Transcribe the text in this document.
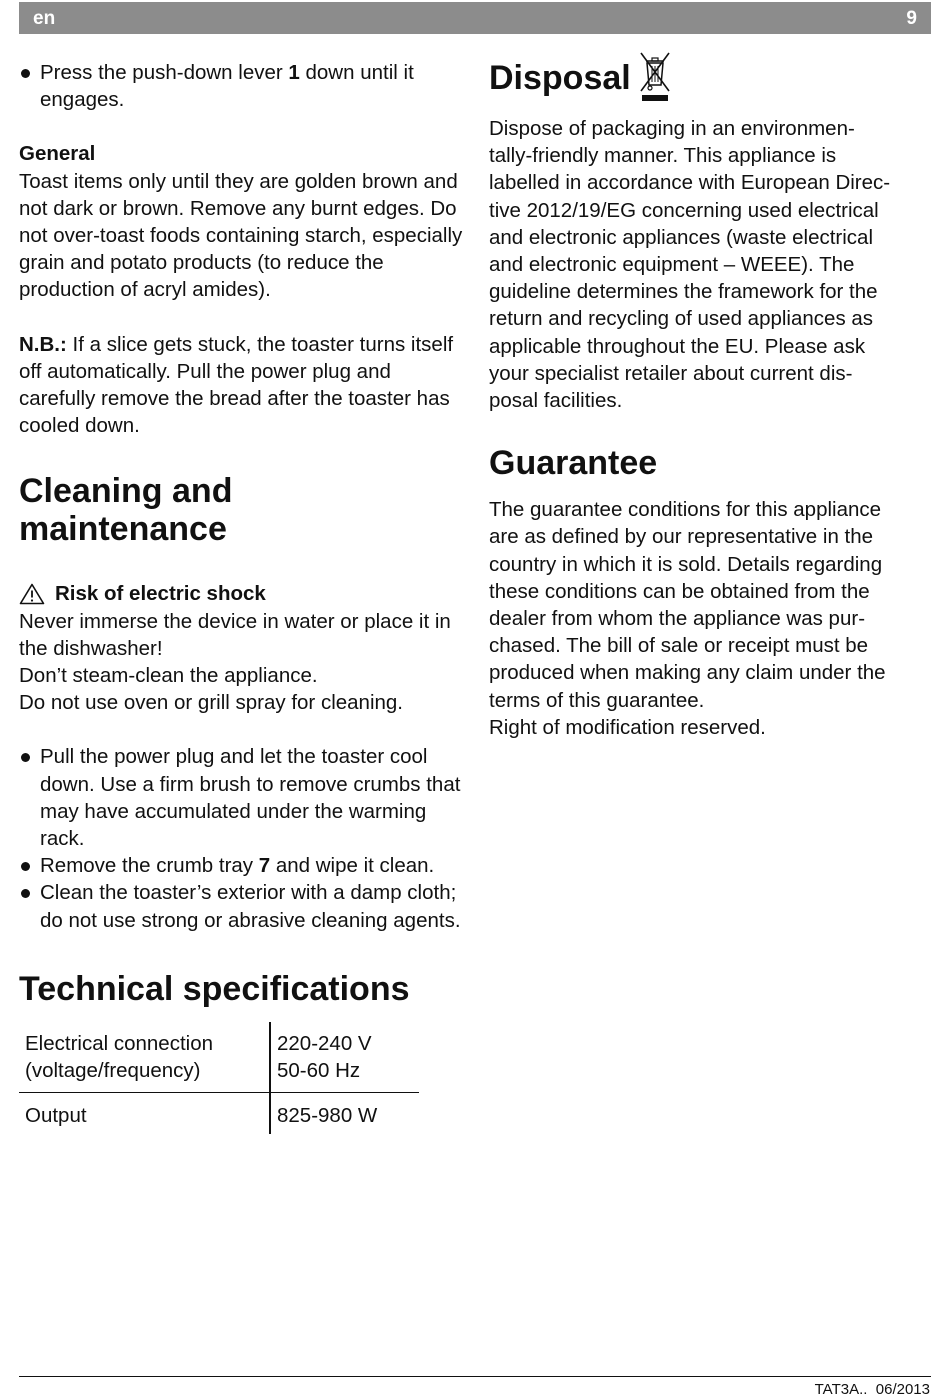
en	9
Press the push-down lever 1 down until it engages.

General

Toast items only until they are golden brown and not dark or brown. Remove any burnt edges. Do not over-toast foods containing starch, especially grain and potato products (to reduce the production of acryl amides).

N.B.: If a slice gets stuck, the toaster turns itself off automatically. Pull the power plug and carefully remove the bread after the toaster has cooled down.

Cleaning and
maintenance
Risk of electric shock

Never immerse the device in water or place it in the dishwasher!

Don’t steam-clean the appliance.

Do not use oven or grill spray for cleaning.

Pull the power plug and let the toaster cool down. Use a firm brush to remove crumbs that may have accumulated under the warming rack.
Remove the crumb tray 7 and wipe it clean.
Clean the toaster’s exterior with a damp cloth; do not use strong or abrasive cleaning agents.
Technical specifications
Electrical connection
(voltage/frequency)	220-240 V
50-60 Hz
Output	825-980 W
Disposal

Dispose of packaging in an environmen-

tally-friendly manner. This appliance is

labelled in accordance with European Direc-

tive 2012/19/EG concerning used electrical

and electronic appliances (waste electrical

and electronic equipment – WEEE). The

guideline determines the framework for the

return and recycling of used appliances as

applicable throughout the EU. Please ask

your specialist retailer about current dis-

posal facilities.

Guarantee

The guarantee conditions for this appliance

are as defined by our representative in the

country in which it is sold. Details regarding

these conditions can be obtained from the

dealer from whom the appliance was pur-

chased. The bill of sale or receipt must be

produced when making any claim under the

terms of this guarantee.

Right of modification reserved.

TAT3A.. 06/2013
